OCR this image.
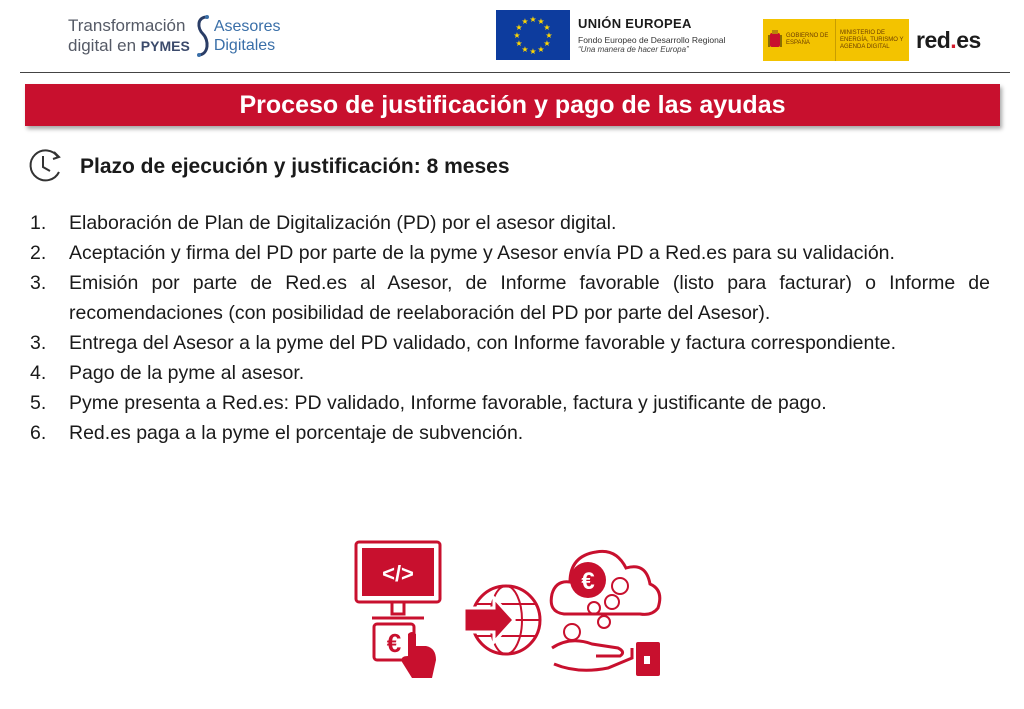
Transformación
digital en PYMES
Asesores
Digitales
★ ★
★
★
★
★
★
★
★
★
★
★	UNIÓN EUROPEA
Fondo Europeo de Desarrollo Regional
“Una manera de hacer Europa”
GOBIERNO DE ESPAÑA
MINISTERIO DE ENERGÍA, TURISMO Y AGENDA DIGITAL	red.es
Proceso de justificación y pago de las ayudas
Plazo de ejecución y justificación: 8 meses
1.	Elaboración de Plan de Digitalización (PD) por el asesor digital.
2.	Aceptación y firma del PD por parte de la pyme y Asesor envía PD a Red.es para su validación.
3.	Emisión por parte de Red.es al Asesor, de Informe favorable (listo para facturar) o Informe de recomendaciones (con posibilidad de reelaboración del PD por parte del Asesor).
3.	Entrega del Asesor a la pyme del PD validado, con Informe favorable y factura correspondiente.
4.	Pago de la pyme al asesor.
5.	Pyme presenta a Red.es: PD validado, Informe favorable, factura y justificante de pago.
6.	Red.es paga a la pyme el porcentaje de subvención.
</>
€
€
